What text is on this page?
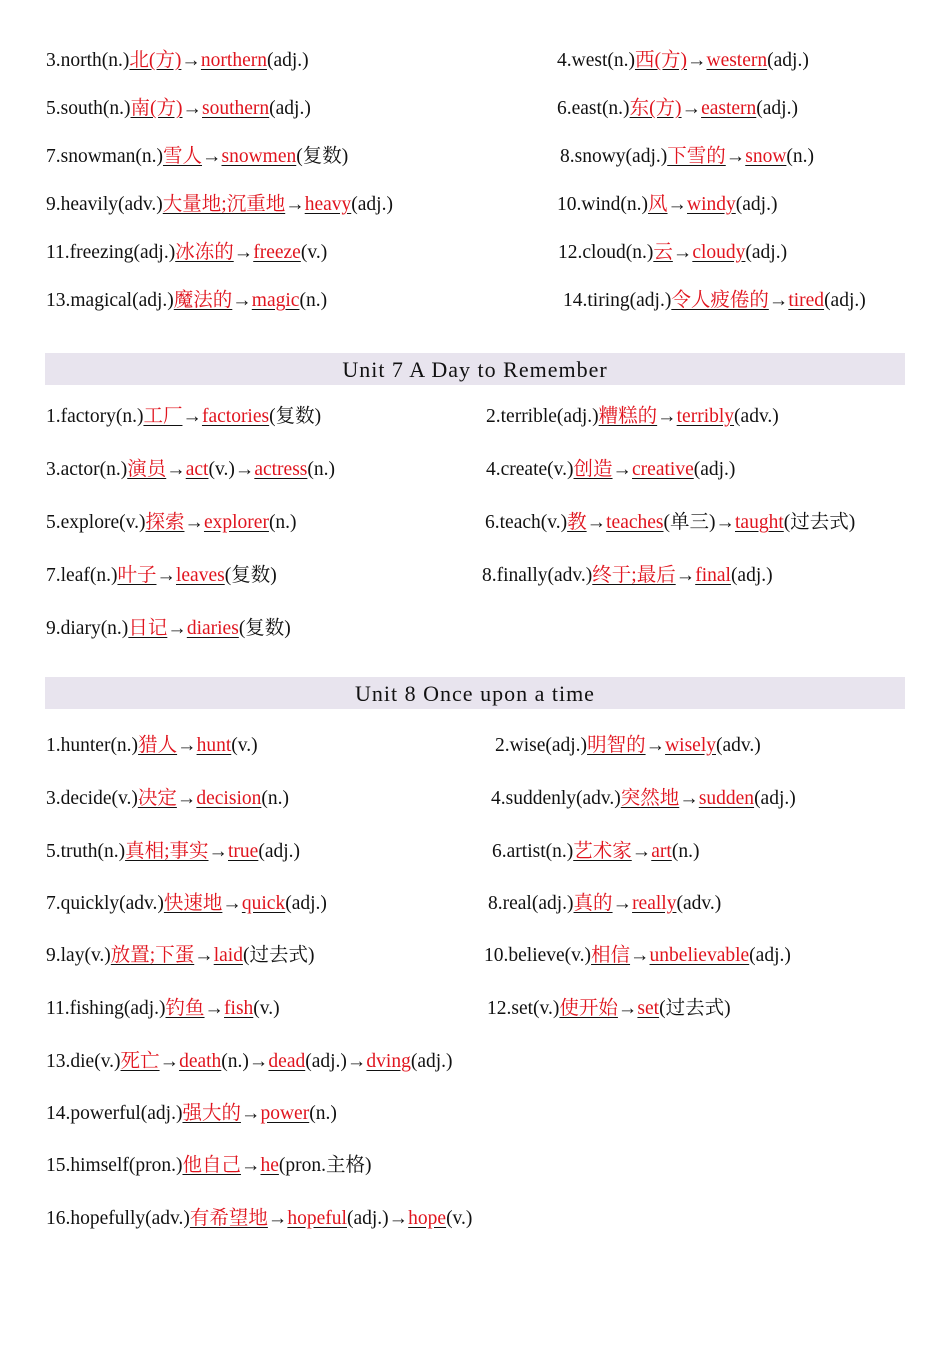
3.north(n.)北(方)→northern(adj.)	4.west(n.)西(方)→western(adj.)
5.south(n.)南(方)→southern(adj.)	6.east(n.)东(方)→eastern(adj.)
7.snowman(n.)雪人→snowmen(复数)	8.snowy(adj.)下雪的→snow(n.)
9.heavily(adv.)大量地;沉重地→heavy(adj.)	10.wind(n.)风→windy(adj.)
11.freezing(adj.)冰冻的→freeze(v.)	12.cloud(n.)云→cloudy(adj.)
13.magical(adj.)魔法的→magic(n.)	14.tiring(adj.)令人疲倦的→tired(adj.)
Unit 7 A Day to Remember
1.factory(n.)工厂→factories(复数)	2.terrible(adj.)糟糕的→terribly(adv.)
3.actor(n.)演员→act(v.)→actress(n.)	4.create(v.)创造→creative(adj.)
5.explore(v.)探索→explorer(n.)	6.teach(v.)教→teaches(单三)→taught(过去式)
7.leaf(n.)叶子→leaves(复数)	8.finally(adv.)终于;最后→final(adj.)
9.diary(n.)日记→diaries(复数)
Unit 8 Once upon a time
1.hunter(n.)猎人→hunt(v.)	2.wise(adj.)明智的→wisely(adv.)
3.decide(v.)决定→decision(n.)	4.suddenly(adv.)突然地→sudden(adj.)
5.truth(n.)真相;事实→true(adj.)	6.artist(n.)艺术家→art(n.)
7.quickly(adv.)快速地→quick(adj.)	8.real(adj.)真的→really(adv.)
9.lay(v.)放置;下蛋→laid(过去式)	10.believe(v.)相信→unbelievable(adj.)
11.fishing(adj.)钓鱼→fish(v.)	12.set(v.)使开始→set(过去式)
13.die(v.)死亡→death(n.)→dead(adj.)→dving(adj.)
14.powerful(adj.)强大的→power(n.)
15.himself(pron.)他自己→he(pron.主格)
16.hopefully(adv.)有希望地→hopeful(adj.)→hope(v.)
